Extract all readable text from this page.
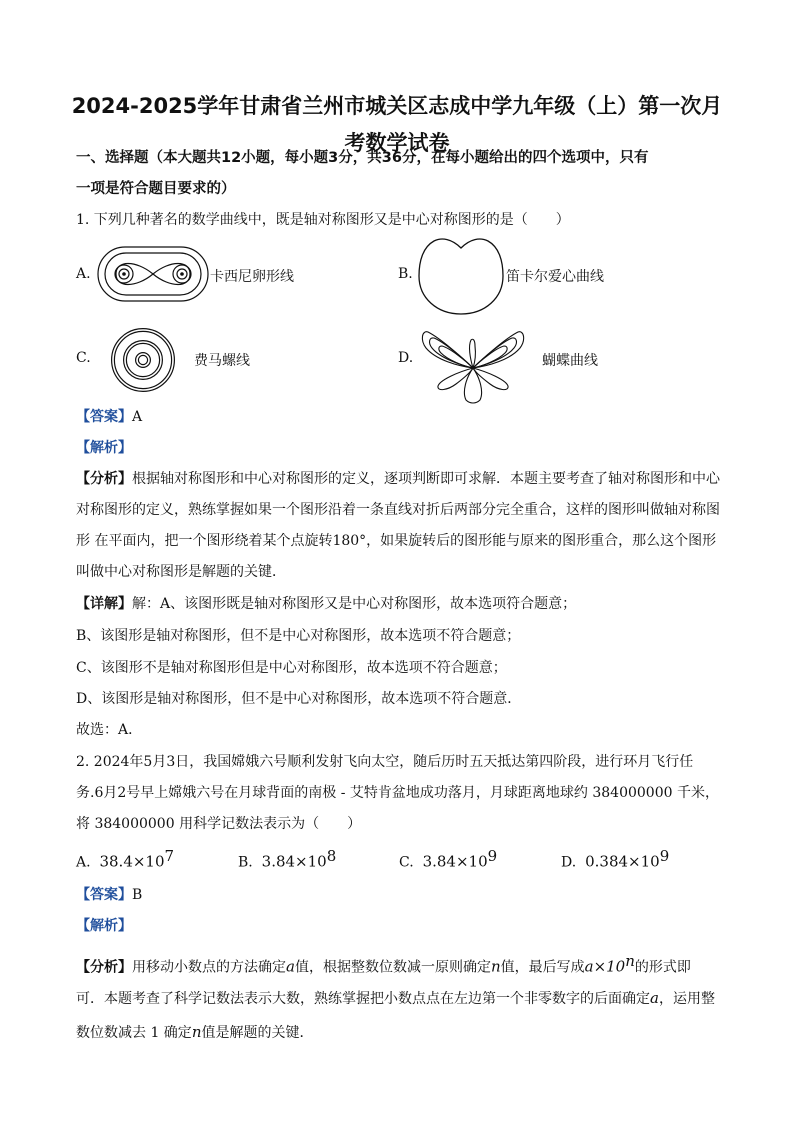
2024-2025学年甘肃省兰州市城关区志成中学九年级（上）第一次月
考数学试卷
一、选择题（本大题共12小题，每小题3分，共36分，在每小题给出的四个选项中，只有
一项是符合题目要求的）
1. 下列几种著名的数学曲线中，既是轴对称图形又是中心对称图形的是（　　）
A.	卡西尼卵形线	B.	笛卡尔爱心曲线
C.	费马螺线	D.	蝴蝶曲线
【答案】A
【解析】
【分析】根据轴对称图形和中心对称图形的定义，逐项判断即可求解．本题主要考查了轴对称图形和中心
对称图形的定义，熟练掌握如果一个图形沿着一条直线对折后两部分完全重合，这样的图形叫做轴对称图
形 在平面内，把一个图形绕着某个点旋转180°，如果旋转后的图形能与原来的图形重合，那么这个图形
叫做中心对称图形是解题的关键．
【详解】解：A、该图形既是轴对称图形又是中心对称图形，故本选项符合题意；
B、该图形是轴对称图形，但不是中心对称图形，故本选项不符合题意；
C、该图形不是轴对称图形但是中心对称图形，故本选项不符合题意；
D、该图形是轴对称图形，但不是中心对称图形，故本选项不符合题意．
故选：A．
2. 2024年5月3日，我国嫦娥六号顺利发射飞向太空，随后历时五天抵达第四阶段，进行环月飞行任
务.6月2号早上嫦娥六号在月球背面的南极 - 艾特肯盆地成功落月，月球距离地球约 384000000 千米，
将 384000000 用科学记数法表示为（　　）
A. $38.4\times 10^7$	B. $3.84\times 10^8$	C. $3.84\times 10^9$	D. $0.384\times 10^9$
【答案】B
【解析】
【分析】用移动小数点的方法确定a值，根据整数位数减一原则确定n值，最后写成$a\times 10^n$的形式即
可．本题考查了科学记数法表示大数，熟练掌握把小数点点在左边第一个非零数字的后面确定a，运用整
数位数减去 1 确定n值是解题的关键．
